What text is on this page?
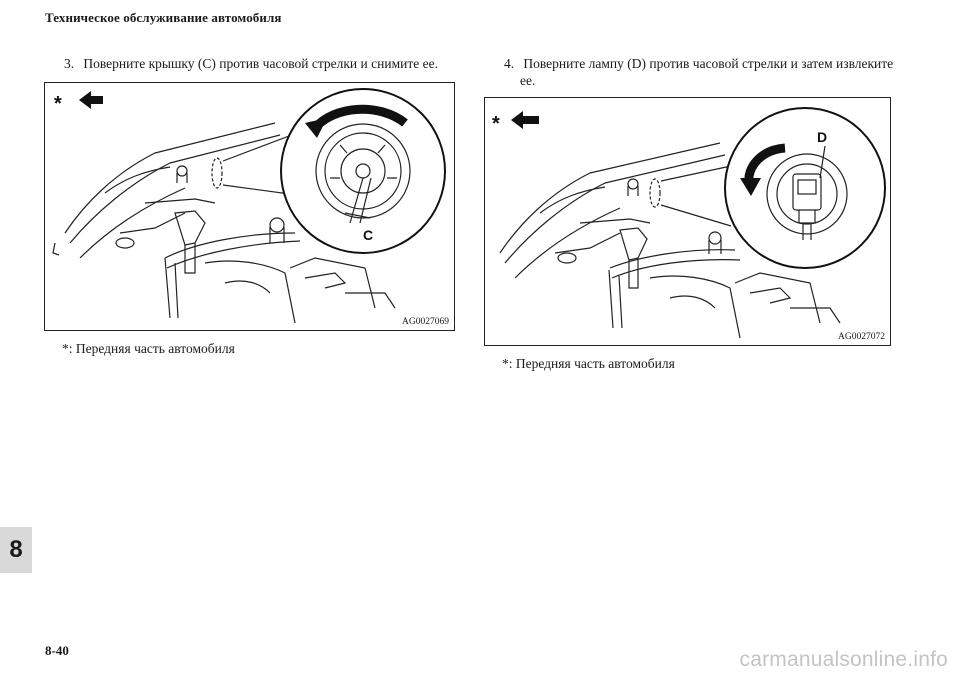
Техническое обслуживание автомобиля
3. Поверните крышку (C) против часовой стрелки и снимите ее.	4. Поверните лампу (D) против часовой стрелки и затем извлеките
ее.
*
C
AG0027069
*: Передняя часть автомобиля
*
D
AG0027072
*: Передняя часть автомобиля
8
8-40	carmanualsonline.info
